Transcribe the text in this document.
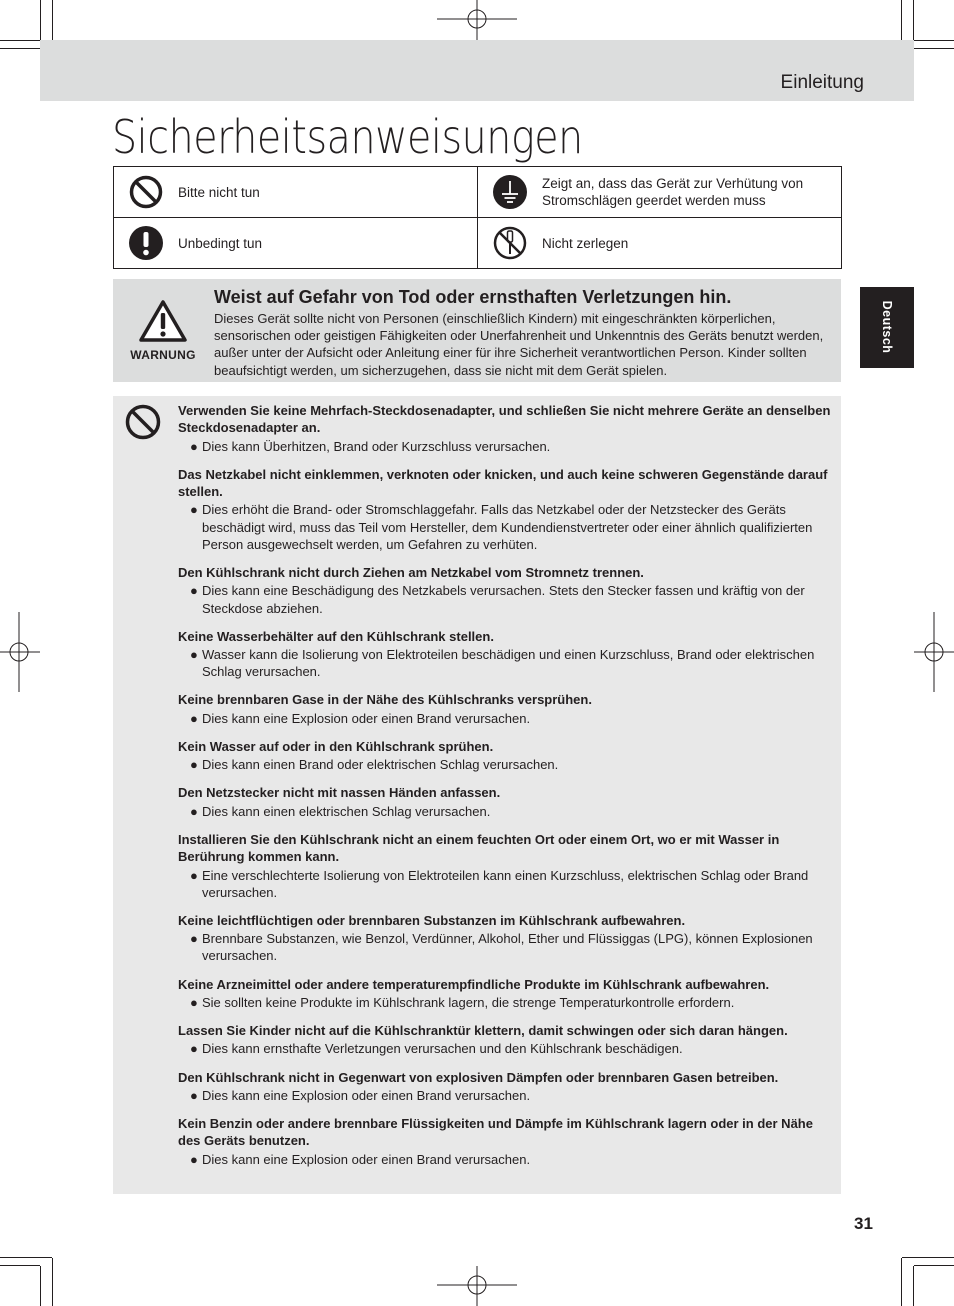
Einleitung
Sicherheitsanweisungen
Bitte nicht tun	Zeigt an, dass das Gerät zur Verhütung von Stromschlägen geerdet werden muss

Unbedingt tun	Nicht zerlegen
WARNUNG
Weist auf Gefahr von Tod oder ernsthaften Verletzungen hin.
Dieses Gerät sollte nicht von Personen (einschließlich Kindern) mit eingeschränkten körperlichen, sensorischen oder geistigen Fähigkeiten oder Unerfahrenheit und Unkenntnis des Geräts benutzt werden, außer unter der Aufsicht oder Anleitung einer für ihre Sicherheit verantwortlichen Person. Kinder sollten beaufsichtigt werden, um sicherzugehen, dass sie nicht mit dem Gerät spielen.
Verwenden Sie keine Mehrfach-Steckdosenadapter, und schließen Sie nicht mehrere Geräte an denselben Steckdosenadapter an.
● Dies kann Überhitzen, Brand oder Kurzschluss verursachen.
Das Netzkabel nicht einklemmen, verknoten oder knicken, und auch keine schweren Gegenstände darauf stellen.
● Dies erhöht die Brand- oder Stromschlaggefahr. Falls das Netzkabel oder der Netzstecker des Geräts beschädigt wird, muss das Teil vom Hersteller, dem Kundendienstvertreter oder einer ähnlich qualifizierten Person ausgewechselt werden, um Gefahren zu verhüten.
Den Kühlschrank nicht durch Ziehen am Netzkabel vom Stromnetz trennen.
● Dies kann eine Beschädigung des Netzkabels verursachen. Stets den Stecker fassen und kräftig von der Steckdose abziehen.
Keine Wasserbehälter auf den Kühlschrank stellen.
● Wasser kann die Isolierung von Elektroteilen beschädigen und einen Kurzschluss, Brand oder elektrischen Schlag verursachen.
Keine brennbaren Gase in der Nähe des Kühlschranks versprühen.
● Dies kann eine Explosion oder einen Brand verursachen.
Kein Wasser auf oder in den Kühlschrank sprühen.
● Dies kann einen Brand oder elektrischen Schlag verursachen.
Den Netzstecker nicht mit nassen Händen anfassen.
● Dies kann einen elektrischen Schlag verursachen.
Installieren Sie den Kühlschrank nicht an einem feuchten Ort oder einem Ort, wo er mit Wasser in Berührung kommen kann.
● Eine verschlechterte Isolierung von Elektroteilen kann einen Kurzschluss, elektrischen Schlag oder Brand verursachen.
Keine leichtflüchtigen oder brennbaren Substanzen im Kühlschrank aufbewahren.
● Brennbare Substanzen, wie Benzol, Verdünner, Alkohol, Ether und Flüssiggas (LPG), können Explosionen verursachen.
Keine Arzneimittel oder andere temperaturempfindliche Produkte im Kühlschrank aufbewahren.
● Sie sollten keine Produkte im Kühlschrank lagern, die strenge Temperaturkontrolle erfordern.
Lassen Sie Kinder nicht auf die Kühlschranktür klettern, damit schwingen oder sich daran hängen.
● Dies kann ernsthafte Verletzungen verursachen und den Kühlschrank beschädigen.
Den Kühlschrank nicht in Gegenwart von explosiven Dämpfen oder brennbaren Gasen betreiben.
● Dies kann eine Explosion oder einen Brand verursachen.
Kein Benzin oder andere brennbare Flüssigkeiten und Dämpfe im Kühlschrank lagern oder in der Nähe des Geräts benutzen.
● Dies kann eine Explosion oder einen Brand verursachen.
Deutsch
31
